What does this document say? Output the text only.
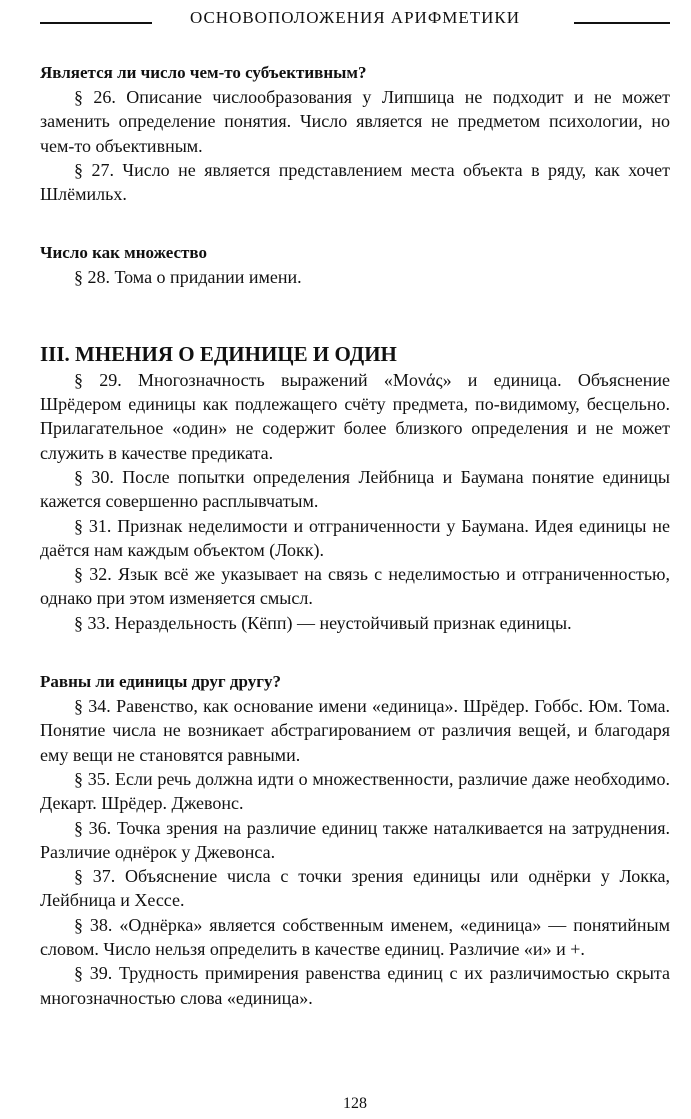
ОСНОВОПОЛОЖЕНИЯ АРИФМЕТИКИ

Является ли число чем-то субъективным?

§ 26. Описание числообразования у Липшица не подходит и не может заменить определение понятия. Число является не предметом психологии, но чем-то объективным.

§ 27. Число не является представлением места объекта в ряду, как хочет Шлёмильх.

Число как множество

§ 28. Тома о придании имени.

III. МНЕНИЯ О ЕДИНИЦЕ И ОДИН

§ 29. Многозначность выражений «Μονάς» и единица. Объяснение Шрёдером единицы как подлежащего счёту предмета, по-видимому, бесцельно. Прилагательное «один» не содержит более близкого определения и не может служить в качестве предиката.

§ 30. После попытки определения Лейбница и Баумана понятие единицы кажется совершенно расплывчатым.

§ 31. Признак неделимости и отграниченности у Баумана. Идея единицы не даётся нам каждым объектом (Локк).

§ 32. Язык всё же указывает на связь с неделимостью и отграниченностью, однако при этом изменяется смысл.

§ 33. Нераздельность (Кёпп) — неустойчивый признак единицы.

Равны ли единицы друг другу?

§ 34. Равенство, как основание имени «единица». Шрёдер. Гоббс. Юм. Тома. Понятие числа не возникает абстрагированием от различия вещей, и благодаря ему вещи не становятся равными.

§ 35. Если речь должна идти о множественности, различие даже необходимо. Декарт. Шрёдер. Джевонс.

§ 36. Точка зрения на различие единиц также наталкивается на затруднения. Различие однёрок у Джевонса.

§ 37. Объяснение числа с точки зрения единицы или однёрки у Локка, Лейбница и Хессе.

§ 38. «Однёрка» является собственным именем, «единица» — понятийным словом. Число нельзя определить в качестве единиц. Различие «и» и +.

§ 39. Трудность примирения равенства единиц с их различимостью скрыта многозначностью слова «единица».

128
